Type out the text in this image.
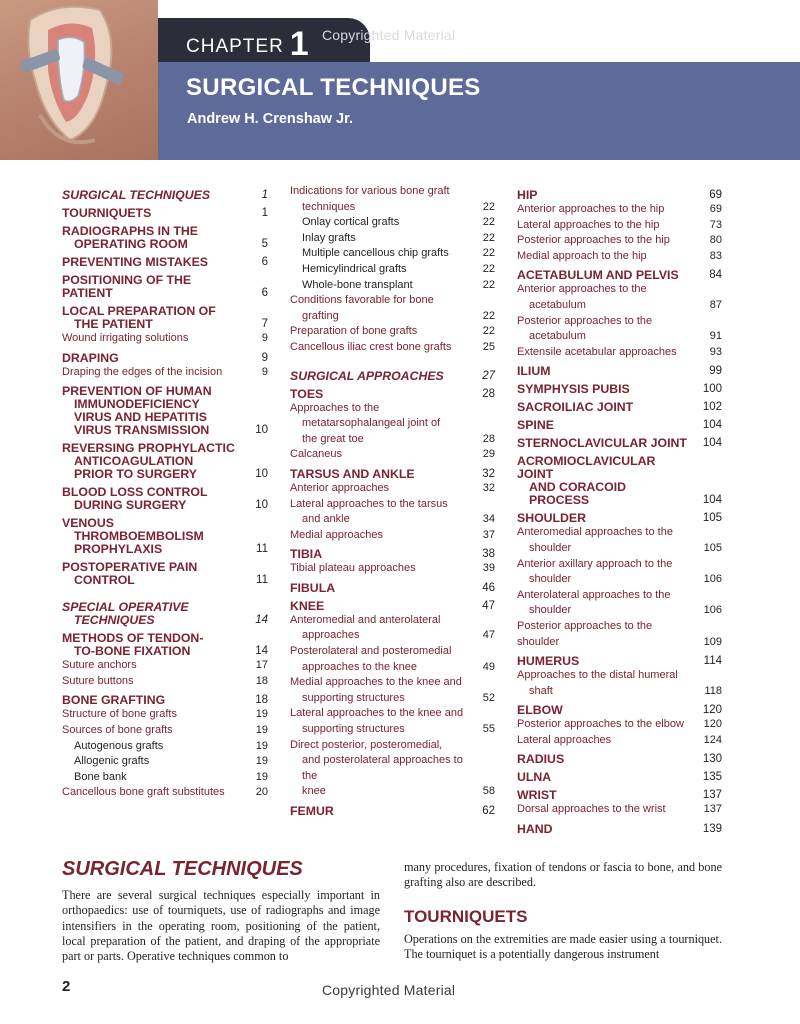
CHAPTER 1 Copyrighted Material
SURGICAL TECHNIQUES
Andrew H. Crenshaw Jr.
SURGICAL TECHNIQUES	1
TOURNIQUETS	1
RADIOGRAPHS IN THE
OPERATING ROOM	5
PREVENTING MISTAKES	6
POSITIONING OF THE PATIENT	6
LOCAL PREPARATION OF
THE PATIENT	7
Wound irrigating solutions	9
DRAPING	9
Draping the edges of the incision	9
PREVENTION OF HUMAN
IMMUNODEFICIENCY
VIRUS AND HEPATITIS
VIRUS TRANSMISSION	10
REVERSING PROPHYLACTIC
ANTICOAGULATION
PRIOR TO SURGERY	10
BLOOD LOSS CONTROL
DURING SURGERY	10
VENOUS
THROMBOEMBOLISM
PROPHYLAXIS	11
POSTOPERATIVE PAIN
CONTROL	11
SPECIAL OPERATIVE
TECHNIQUES	14
METHODS OF TENDON-
TO-BONE FIXATION	14
Suture anchors	17
Suture buttons	18
BONE GRAFTING	18
Structure of bone grafts	19
Sources of bone grafts	19
Autogenous grafts	19
Allogenic grafts	19
Bone bank	19
Cancellous bone graft substitutes	20
Indications for various bone graft
techniques	22
Onlay cortical grafts	22
Inlay grafts	22
Multiple cancellous chip grafts	22
Hemicylindrical grafts	22
Whole-bone transplant	22
Conditions favorable for bone
grafting	22
Preparation of bone grafts	22
Cancellous iliac crest bone grafts	25
SURGICAL APPROACHES	27
TOES	28
Approaches to the
metatarsophalangeal joint of
the great toe	28
Calcaneus	29
TARSUS AND ANKLE	32
Anterior approaches	32
Lateral approaches to the tarsus
and ankle	34
Medial approaches	37
TIBIA	38
Tibial plateau approaches	39
FIBULA	46
KNEE	47
Anteromedial and anterolateral
approaches	47
Posterolateral and posteromedial
approaches to the knee	49
Medial approaches to the knee and
supporting structures	52
Lateral approaches to the knee and
supporting structures	55
Direct posterior, posteromedial,
and posterolateral approaches to the
knee	58
FEMUR	62
HIP	69
Anterior approaches to the hip	69
Lateral approaches to the hip	73
Posterior approaches to the hip	80
Medial approach to the hip	83
ACETABULUM AND PELVIS	84
Anterior approaches to the
acetabulum	87
Posterior approaches to the
acetabulum	91
Extensile acetabular approaches	93
ILIUM	99
SYMPHYSIS PUBIS	100
SACROILIAC JOINT	102
SPINE	104
STERNOCLAVICULAR JOINT	104
ACROMIOCLAVICULAR JOINT
AND CORACOID
PROCESS	104
SHOULDER	105
Anteromedial approaches to the
shoulder	105
Anterior axillary approach to the
shoulder	106
Anterolateral approaches to the
shoulder	106
Posterior approaches to the shoulder	109
HUMERUS	114
Approaches to the distal humeral
shaft	118
ELBOW	120
Posterior approaches to the elbow	120
Lateral approaches	124
RADIUS	130
ULNA	135
WRIST	137
Dorsal approaches to the wrist	137
HAND	139
SURGICAL TECHNIQUES
There are several surgical techniques especially important in orthopaedics: use of tourniquets, use of radiographs and image intensifiers in the operating room, positioning of the patient, local preparation of the patient, and draping of the appropriate part or parts. Operative techniques common to
many procedures, fixation of tendons or fascia to bone, and bone grafting also are described.
TOURNIQUETS
Operations on the extremities are made easier using a tourniquet. The tourniquet is a potentially dangerous instrument
2	Copyrighted Material
